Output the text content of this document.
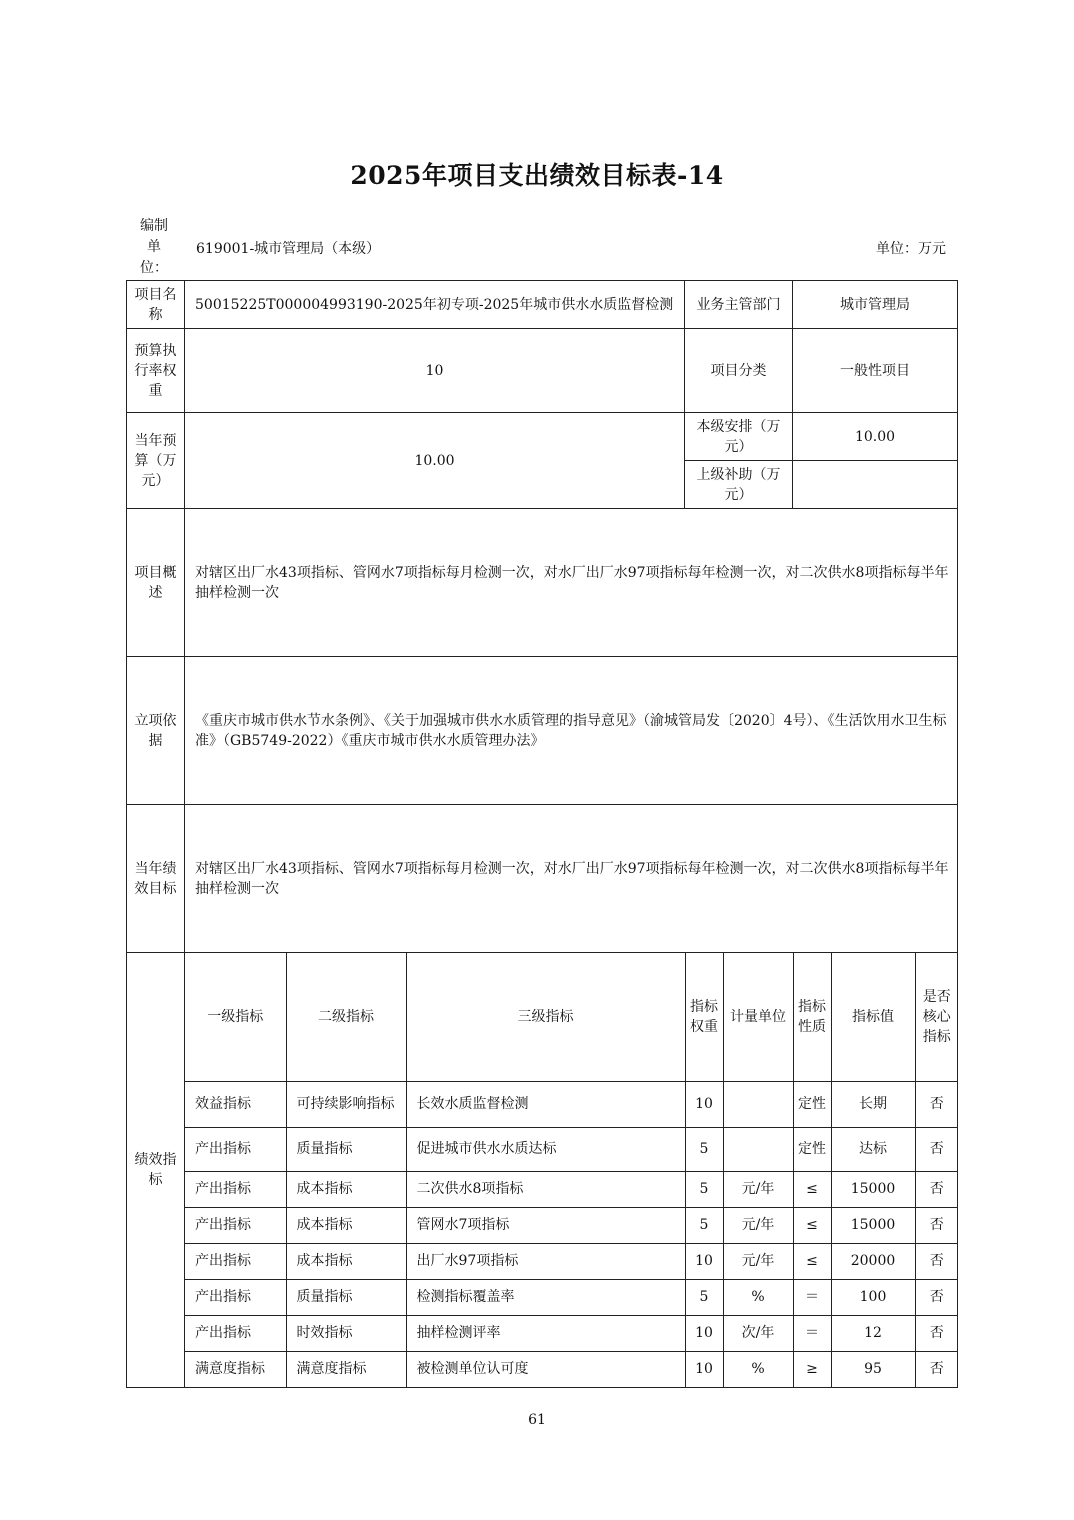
2025年项目支出绩效目标表-14
编制单位：
619001-城市管理局（本级）	单位：万元
项目名称	50015225T000004993190-2025年初专项-2025年城市供水水质监督检测	业务主管部门	城市管理局
预算执行率权重	10	项目分类	一般性项目
当年预算（万元）	10.00	本级安排（万元）	10.00
上级补助（万元）	
项目概述	对辖区出厂水43项指标、管网水7项指标每月检测一次，对水厂出厂水97项指标每年检测一次，对二次供水8项指标每半年抽样检测一次
立项依据	《重庆市城市供水节水条例》、《关于加强城市供水水质管理的指导意见》（渝城管局发〔2020〕4号）、《生活饮用水卫生标准》（GB5749-2022）《重庆市城市供水水质管理办法》
当年绩效目标	对辖区出厂水43项指标、管网水7项指标每月检测一次，对水厂出厂水97项指标每年检测一次，对二次供水8项指标每半年抽样检测一次
绩效指标	
一级指标	二级指标	三级指标	指标权重	计量单位	指标性质	指标值	是否核心指标
效益指标	可持续影响指标	长效水质监督检测	10		定性	长期	否
产出指标	质量指标	促进城市供水水质达标	5		定性	达标	否
产出指标	成本指标	二次供水8项指标	5	元/年	≤	15000	否
产出指标	成本指标	管网水7项指标	5	元/年	≤	15000	否
产出指标	成本指标	出厂水97项指标	10	元/年	≤	20000	否
产出指标	质量指标	检测指标覆盖率	5	%	＝	100	否
产出指标	时效指标	抽样检测评率	10	次/年	＝	12	否
满意度指标	满意度指标	被检测单位认可度	10	%	≥	95	否
61
